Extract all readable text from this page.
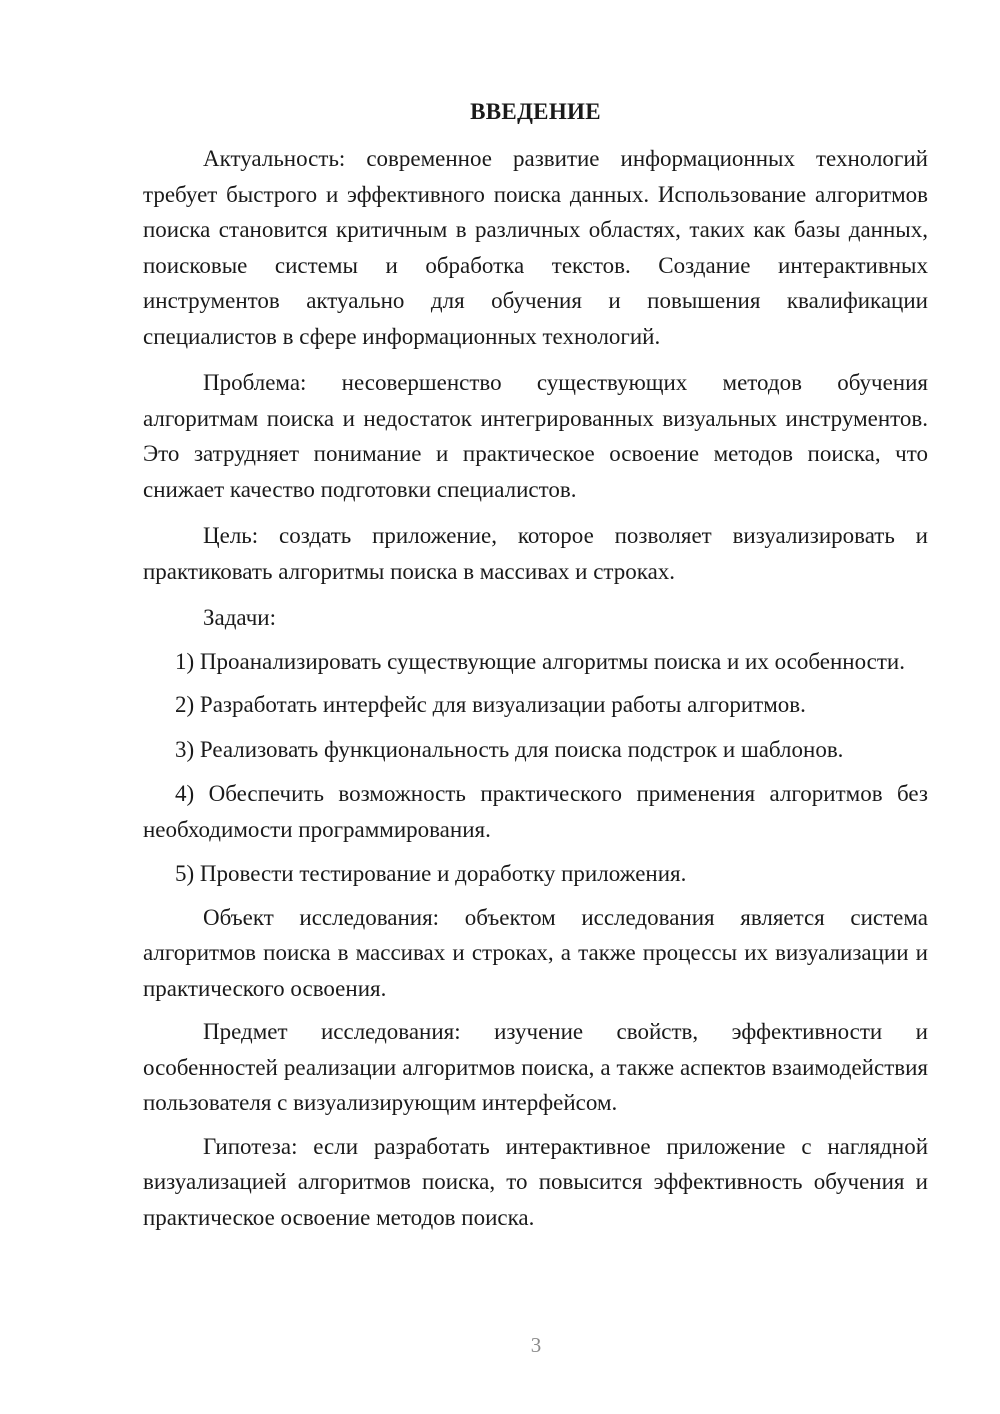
ВВЕДЕНИЕ

Актуальность: современное развитие информационных технологий требует быстрого и эффективного поиска данных. Использование алгоритмов поиска становится критичным в различных областях, таких как базы данных, поисковые системы и обработка текстов. Создание интерактивных инструментов актуально для обучения и повышения квалификации специалистов в сфере информационных технологий.

Проблема: несовершенство существующих методов обучения алгоритмам поиска и недостаток интегрированных визуальных инструментов. Это затрудняет понимание и практическое освоение методов поиска, что снижает качество подготовки специалистов.

Цель: создать приложение, которое позволяет визуализировать и практиковать алгоритмы поиска в массивах и строках.

Задачи:

1) Проанализировать существующие алгоритмы поиска и их особенности.

2) Разработать интерфейс для визуализации работы алгоритмов.

3) Реализовать функциональность для поиска подстрок и шаблонов.

4) Обеспечить возможность практического применения алгоритмов без необходимости программирования.

5) Провести тестирование и доработку приложения.

Объект исследования: объектом исследования является система алгоритмов поиска в массивах и строках, а также процессы их визуализации и практического освоения.

Предмет исследования: изучение свойств, эффективности и особенностей реализации алгоритмов поиска, а также аспектов взаимодействия пользователя с визуализирующим интерфейсом.

Гипотеза: если разработать интерактивное приложение с наглядной визуализацией алгоритмов поиска, то повысится эффективность обучения и практическое освоение методов поиска.

3
